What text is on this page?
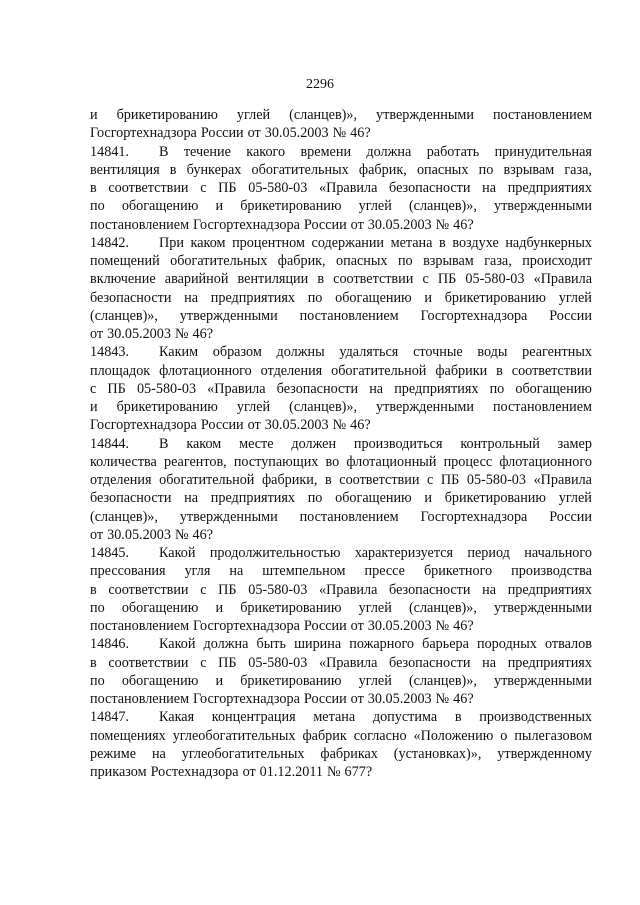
2296
и брикетированию углей (сланцев)», утвержденными постановлением
Госгортехнадзора России от 30.05.2003 № 46?
14841. В течение какого времени должна работать принудительная
вентиляция в бункерах обогатительных фабрик, опасных по взрывам газа,
в соответствии с ПБ 05-580-03 «Правила безопасности на предприятиях
по обогащению и брикетированию углей (сланцев)», утвержденными
постановлением Госгортехнадзора России от 30.05.2003 № 46?
14842. При каком процентном содержании метана в воздухе надбункерных
помещений обогатительных фабрик, опасных по взрывам газа, происходит
включение аварийной вентиляции в соответствии с ПБ 05-580-03 «Правила
безопасности на предприятиях по обогащению и брикетированию углей
(сланцев)», утвержденными постановлением Госгортехнадзора России
от 30.05.2003 № 46?
14843. Каким образом должны удаляться сточные воды реагентных
площадок флотационного отделения обогатительной фабрики в соответствии
с ПБ 05-580-03 «Правила безопасности на предприятиях по обогащению
и брикетированию углей (сланцев)», утвержденными постановлением
Госгортехнадзора России от 30.05.2003 № 46?
14844. В каком месте должен производиться контрольный замер
количества реагентов, поступающих во флотационный процесс флотационного
отделения обогатительной фабрики, в соответствии с ПБ 05-580-03 «Правила
безопасности на предприятиях по обогащению и брикетированию углей
(сланцев)», утвержденными постановлением Госгортехнадзора России
от 30.05.2003 № 46?
14845. Какой продолжительностью характеризуется период начального
прессования угля на штемпельном прессе брикетного производства
в соответствии с ПБ 05-580-03 «Правила безопасности на предприятиях
по обогащению и брикетированию углей (сланцев)», утвержденными
постановлением Госгортехнадзора России от 30.05.2003 № 46?
14846. Какой должна быть ширина пожарного барьера породных отвалов
в соответствии с ПБ 05-580-03 «Правила безопасности на предприятиях
по обогащению и брикетированию углей (сланцев)», утвержденными
постановлением Госгортехнадзора России от 30.05.2003 № 46?
14847. Какая концентрация метана допустима в производственных
помещениях углеобогатительных фабрик согласно «Положению о пылегазовом
режиме на углеобогатительных фабриках (установках)», утвержденному
приказом Ростехнадзора от 01.12.2011 № 677?
